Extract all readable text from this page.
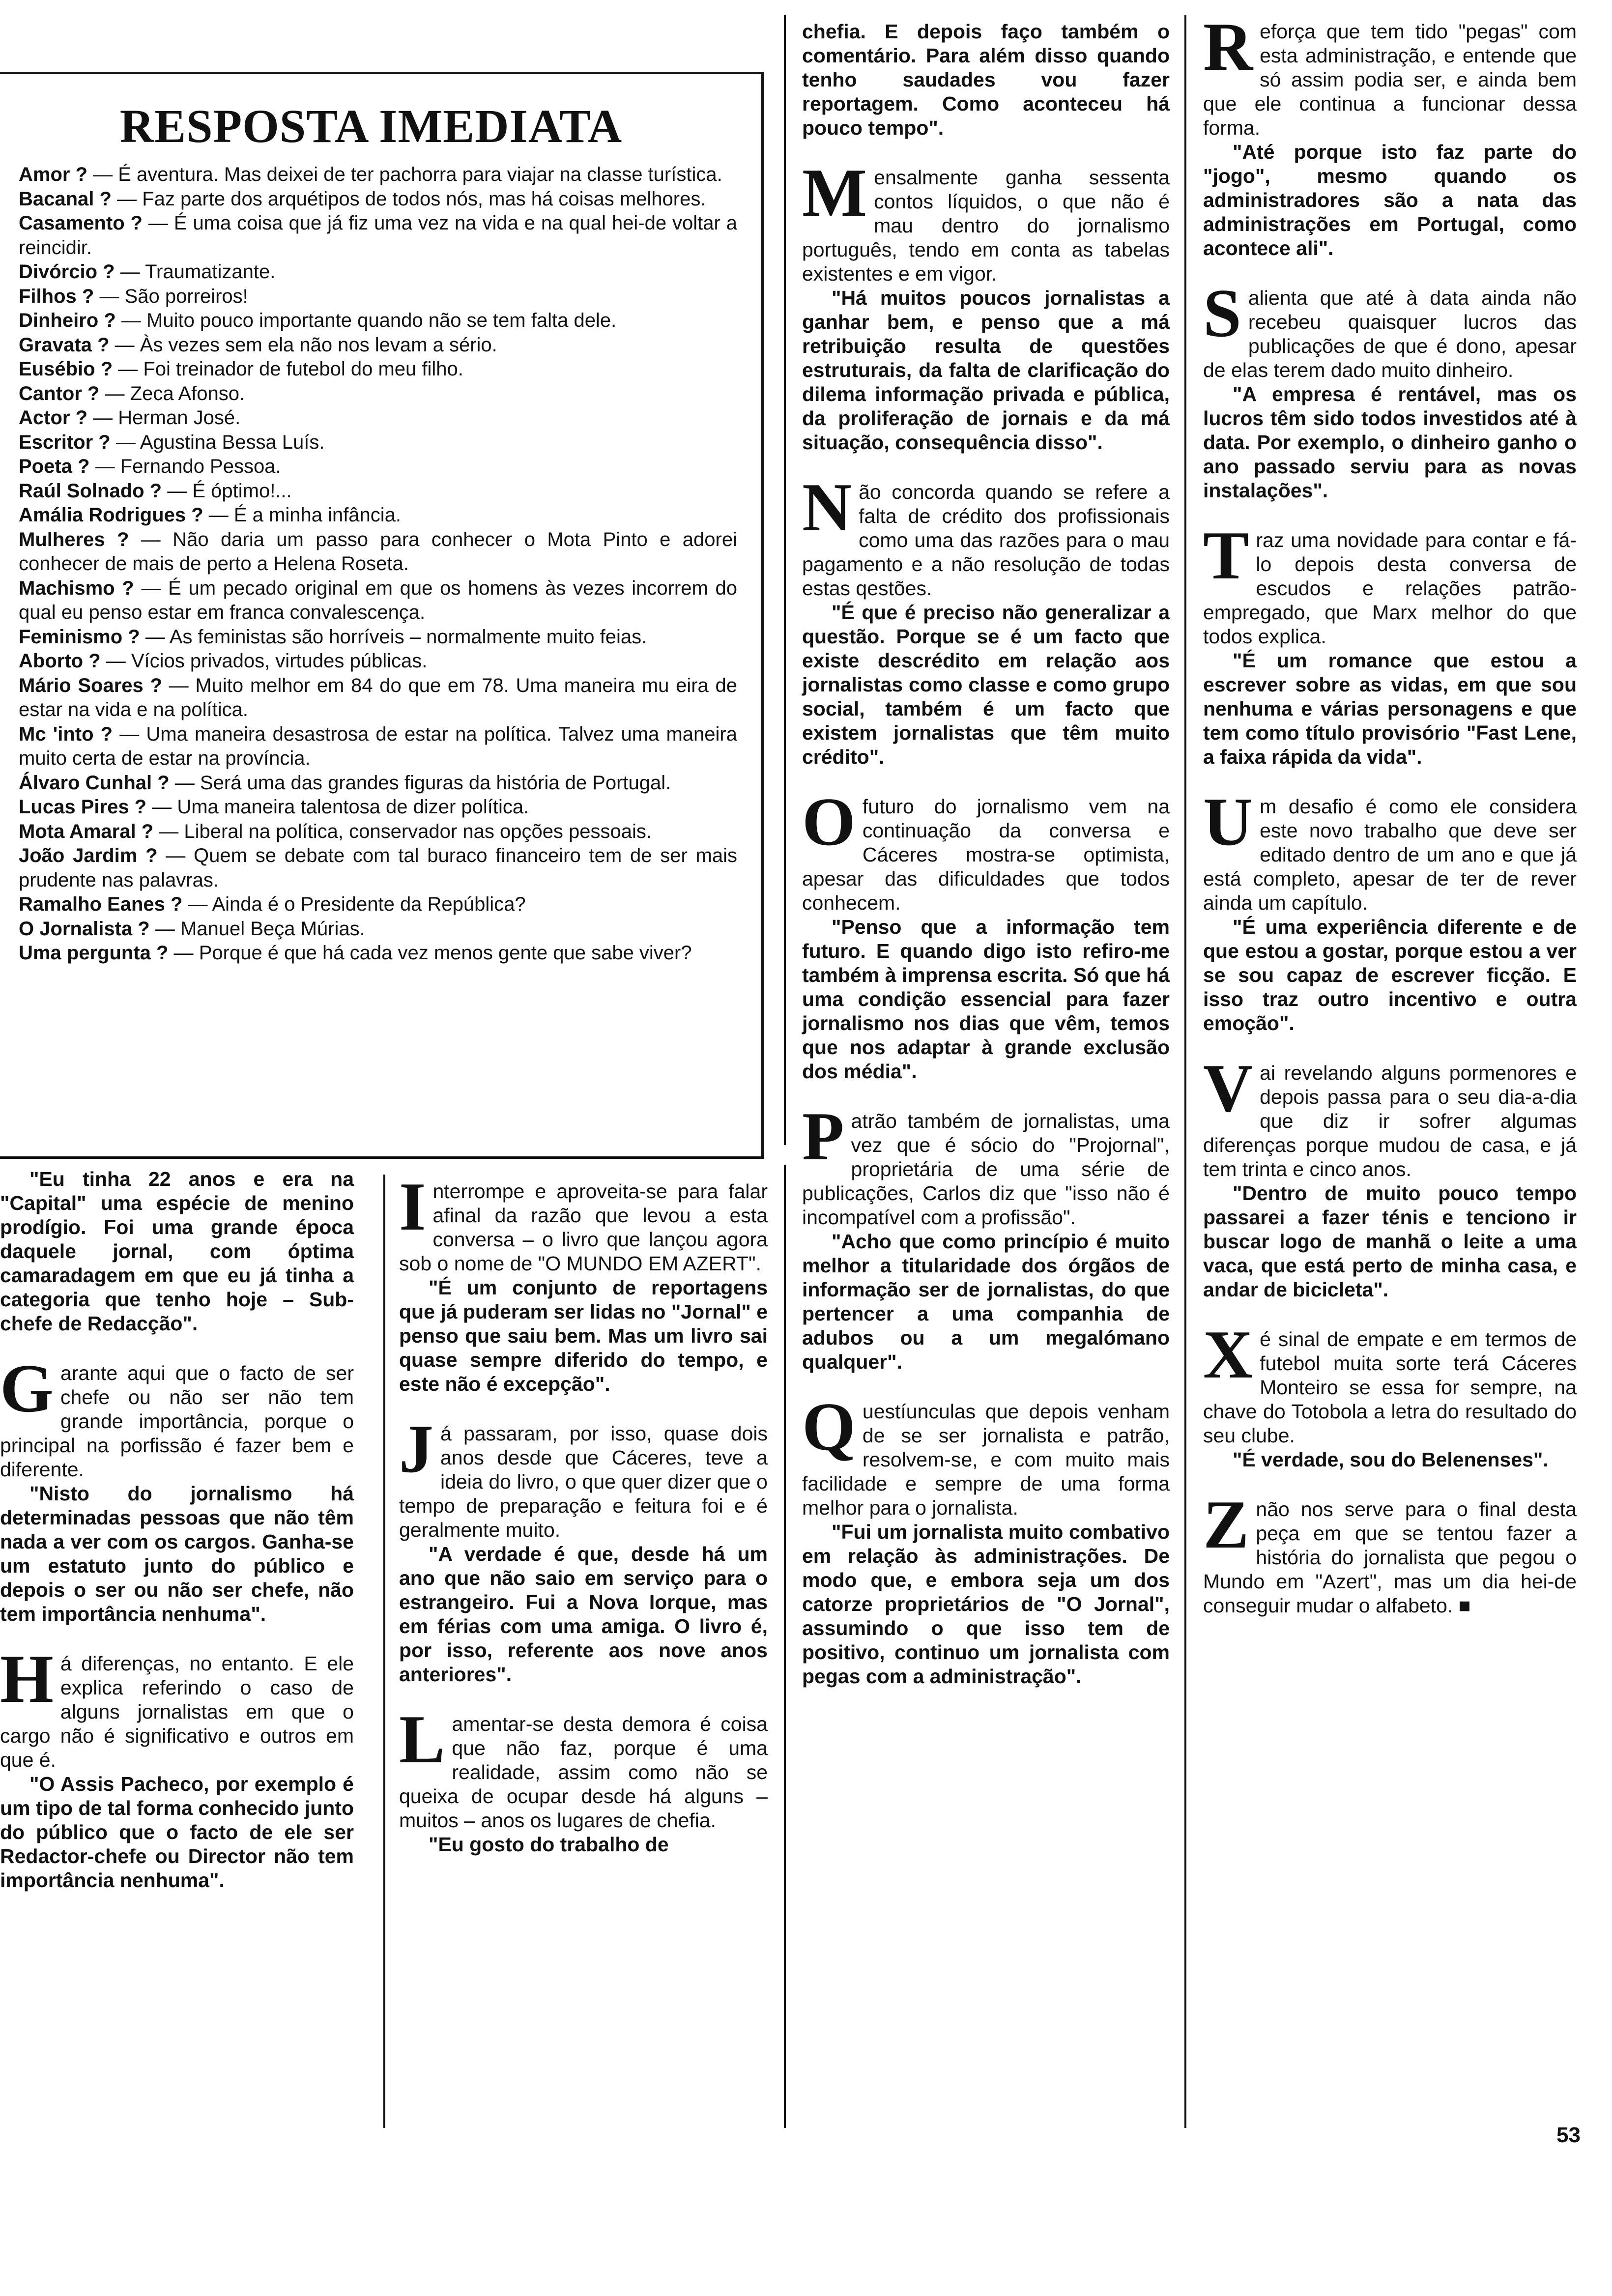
RESPOSTA IMEDIATA
Amor ? — É aventura. Mas deixei de ter pachorra para viajar na classe turística.
Bacanal ? — Faz parte dos arquétipos de todos nós, mas há coisas melhores.
Casamento ? — É uma coisa que já fiz uma vez na vida e na qual hei-de voltar a reincidir.
Divórcio ? — Traumatizante.
Filhos ? — São porreiros!
Dinheiro ? — Muito pouco importante quando não se tem falta dele.
Gravata ? — Às vezes sem ela não nos levam a sério.
Eusébio ? — Foi treinador de futebol do meu filho.
Cantor ? — Zeca Afonso.
Actor ? — Herman José.
Escritor ? — Agustina Bessa Luís.
Poeta ? — Fernando Pessoa.
Raúl Solnado ? — É óptimo!...
Amália Rodrigues ? — É a minha infância.
Mulheres ? — Não daria um passo para conhecer o Mota Pinto e adorei conhecer de mais de perto a Helena Roseta.
Machismo ? — É um pecado original em que os homens às vezes incorrem do qual eu penso estar em franca convalescença.
Feminismo ? — As feministas são horríveis – normalmente muito feias.
Aborto ? — Vícios privados, virtudes públicas.
Mário Soares ? — Muito melhor em 84 do que em 78. Uma maneira mu eira de estar na vida e na política.
Mc 'into ? — Uma maneira desastrosa de estar na política. Talvez uma maneira muito certa de estar na província.
Álvaro Cunhal ? — Será uma das grandes figuras da história de Portugal.
Lucas Pires ? — Uma maneira talentosa de dizer política.
Mota Amaral ? — Liberal na política, conservador nas opções pessoais.
João Jardim ? — Quem se debate com tal buraco financeiro tem de ser mais prudente nas palavras.
Ramalho Eanes ? — Ainda é o Presidente da República?
O Jornalista ? — Manuel Beça Múrias.
Uma pergunta ? — Porque é que há cada vez menos gente que sabe viver?

"Eu tinha 22 anos e era na "Capital" uma espécie de menino prodígio. Foi uma grande época daquele jornal, com óptima camaradagem em que eu já tinha a categoria que tenho hoje – Sub-chefe de Redacção".

Garante aqui que o facto de ser chefe ou não ser não tem grande importância, porque o principal na porfissão é fazer bem e diferente.

"Nisto do jornalismo há determinadas pessoas que não têm nada a ver com os cargos. Ganha-se um estatuto junto do público e depois o ser ou não ser chefe, não tem importância nenhuma".

Há diferenças, no entanto. E ele explica referindo o caso de alguns jornalistas em que o cargo não é significativo e outros em que é.

"O Assis Pacheco, por exemplo é um tipo de tal forma conhecido junto do público que o facto de ele ser Redactor-chefe ou Director não tem importância nenhuma".

Interrompe e aproveita-se para falar afinal da razão que levou a esta conversa – o livro que lançou agora sob o nome de "O MUNDO EM AZERT".

"É um conjunto de reportagens que já puderam ser lidas no "Jornal" e penso que saiu bem. Mas um livro sai quase sempre diferido do tempo, e este não é excepção".

Já passaram, por isso, quase dois anos desde que Cáceres, teve a ideia do livro, o que quer dizer que o tempo de preparação e feitura foi e é geralmente muito.

"A verdade é que, desde há um ano que não saio em serviço para o estrangeiro. Fui a Nova Iorque, mas em férias com uma amiga. O livro é, por isso, referente aos nove anos anteriores".

Lamentar-se desta demora é coisa que não faz, porque é uma realidade, assim como não se queixa de ocupar desde há alguns – muitos – anos os lugares de chefia.

"Eu gosto do trabalho de

chefia. E depois faço também o comentário. Para além disso quando tenho saudades vou fazer reportagem. Como aconteceu há pouco tempo".

Mensalmente ganha sessenta contos líquidos, o que não é mau dentro do jornalismo português, tendo em conta as tabelas existentes e em vigor.

"Há muitos poucos jornalistas a ganhar bem, e penso que a má retribuição resulta de questões estruturais, da falta de clarificação do dilema informação privada e pública, da proliferação de jornais e da má situação, consequência disso".

Não concorda quando se refere a falta de crédito dos profissionais como uma das razões para o mau pagamento e a não resolução de todas estas qestões.

"É que é preciso não generalizar a questão. Porque se é um facto que existe descrédito em relação aos jornalistas como classe e como grupo social, também é um facto que existem jornalistas que têm muito crédito".

Ofuturo do jornalismo vem na continuação da conversa e Cáceres mostra-se optimista, apesar das dificuldades que todos conhecem.

"Penso que a informação tem futuro. E quando digo isto refiro-me também à imprensa escrita. Só que há uma condição essencial para fazer jornalismo nos dias que vêm, temos que nos adaptar à grande exclusão dos média".

Patrão também de jornalistas, uma vez que é sócio do "Projornal", proprietária de uma série de publicações, Carlos diz que "isso não é incompatível com a profissão".

"Acho que como princípio é muito melhor a titularidade dos órgãos de informação ser de jornalistas, do que pertencer a uma companhia de adubos ou a um megalómano qualquer".

Questíunculas que depois venham de se ser jornalista e patrão, resolvem-se, e com muito mais facilidade e sempre de uma forma melhor para o jornalista.

"Fui um jornalista muito combativo em relação às administrações. De modo que, e embora seja um dos catorze proprietários de "O Jornal", assumindo o que isso tem de positivo, continuo um jornalista com pegas com a administração".

Reforça que tem tido "pegas" com esta administração, e entende que só assim podia ser, e ainda bem que ele continua a funcionar dessa forma.

"Até porque isto faz parte do "jogo", mesmo quando os administradores são a nata das administrações em Portugal, como acontece ali".

Salienta que até à data ainda não recebeu quaisquer lucros das publicações de que é dono, apesar de elas terem dado muito dinheiro.

"A empresa é rentável, mas os lucros têm sido todos investidos até à data. Por exemplo, o dinheiro ganho o ano passado serviu para as novas instalações".

Traz uma novidade para contar e fá-lo depois desta conversa de escudos e relações patrão-empregado, que Marx melhor do que todos explica.

"É um romance que estou a escrever sobre as vidas, em que sou nenhuma e várias personagens e que tem como título provisório "Fast Lene, a faixa rápida da vida".

Um desafio é como ele considera este novo trabalho que deve ser editado dentro de um ano e que já está completo, apesar de ter de rever ainda um capítulo.

"É uma experiência diferente e de que estou a gostar, porque estou a ver se sou capaz de escrever ficção. E isso traz outro incentivo e outra emoção".

Vai revelando alguns pormenores e depois passa para o seu dia-a-dia que diz ir sofrer algumas diferenças porque mudou de casa, e já tem trinta e cinco anos.

"Dentro de muito pouco tempo passarei a fazer ténis e tenciono ir buscar logo de manhã o leite a uma vaca, que está perto de minha casa, e andar de bicicleta".

Xé sinal de empate e em termos de futebol muita sorte terá Cáceres Monteiro se essa for sempre, na chave do Totobola a letra do resultado do seu clube.

"É verdade, sou do Belenenses".

Znão nos serve para o final desta peça em que se tentou fazer a história do jornalista que pegou o Mundo em "Azert", mas um dia hei-de conseguir mudar o alfabeto. ■

53
